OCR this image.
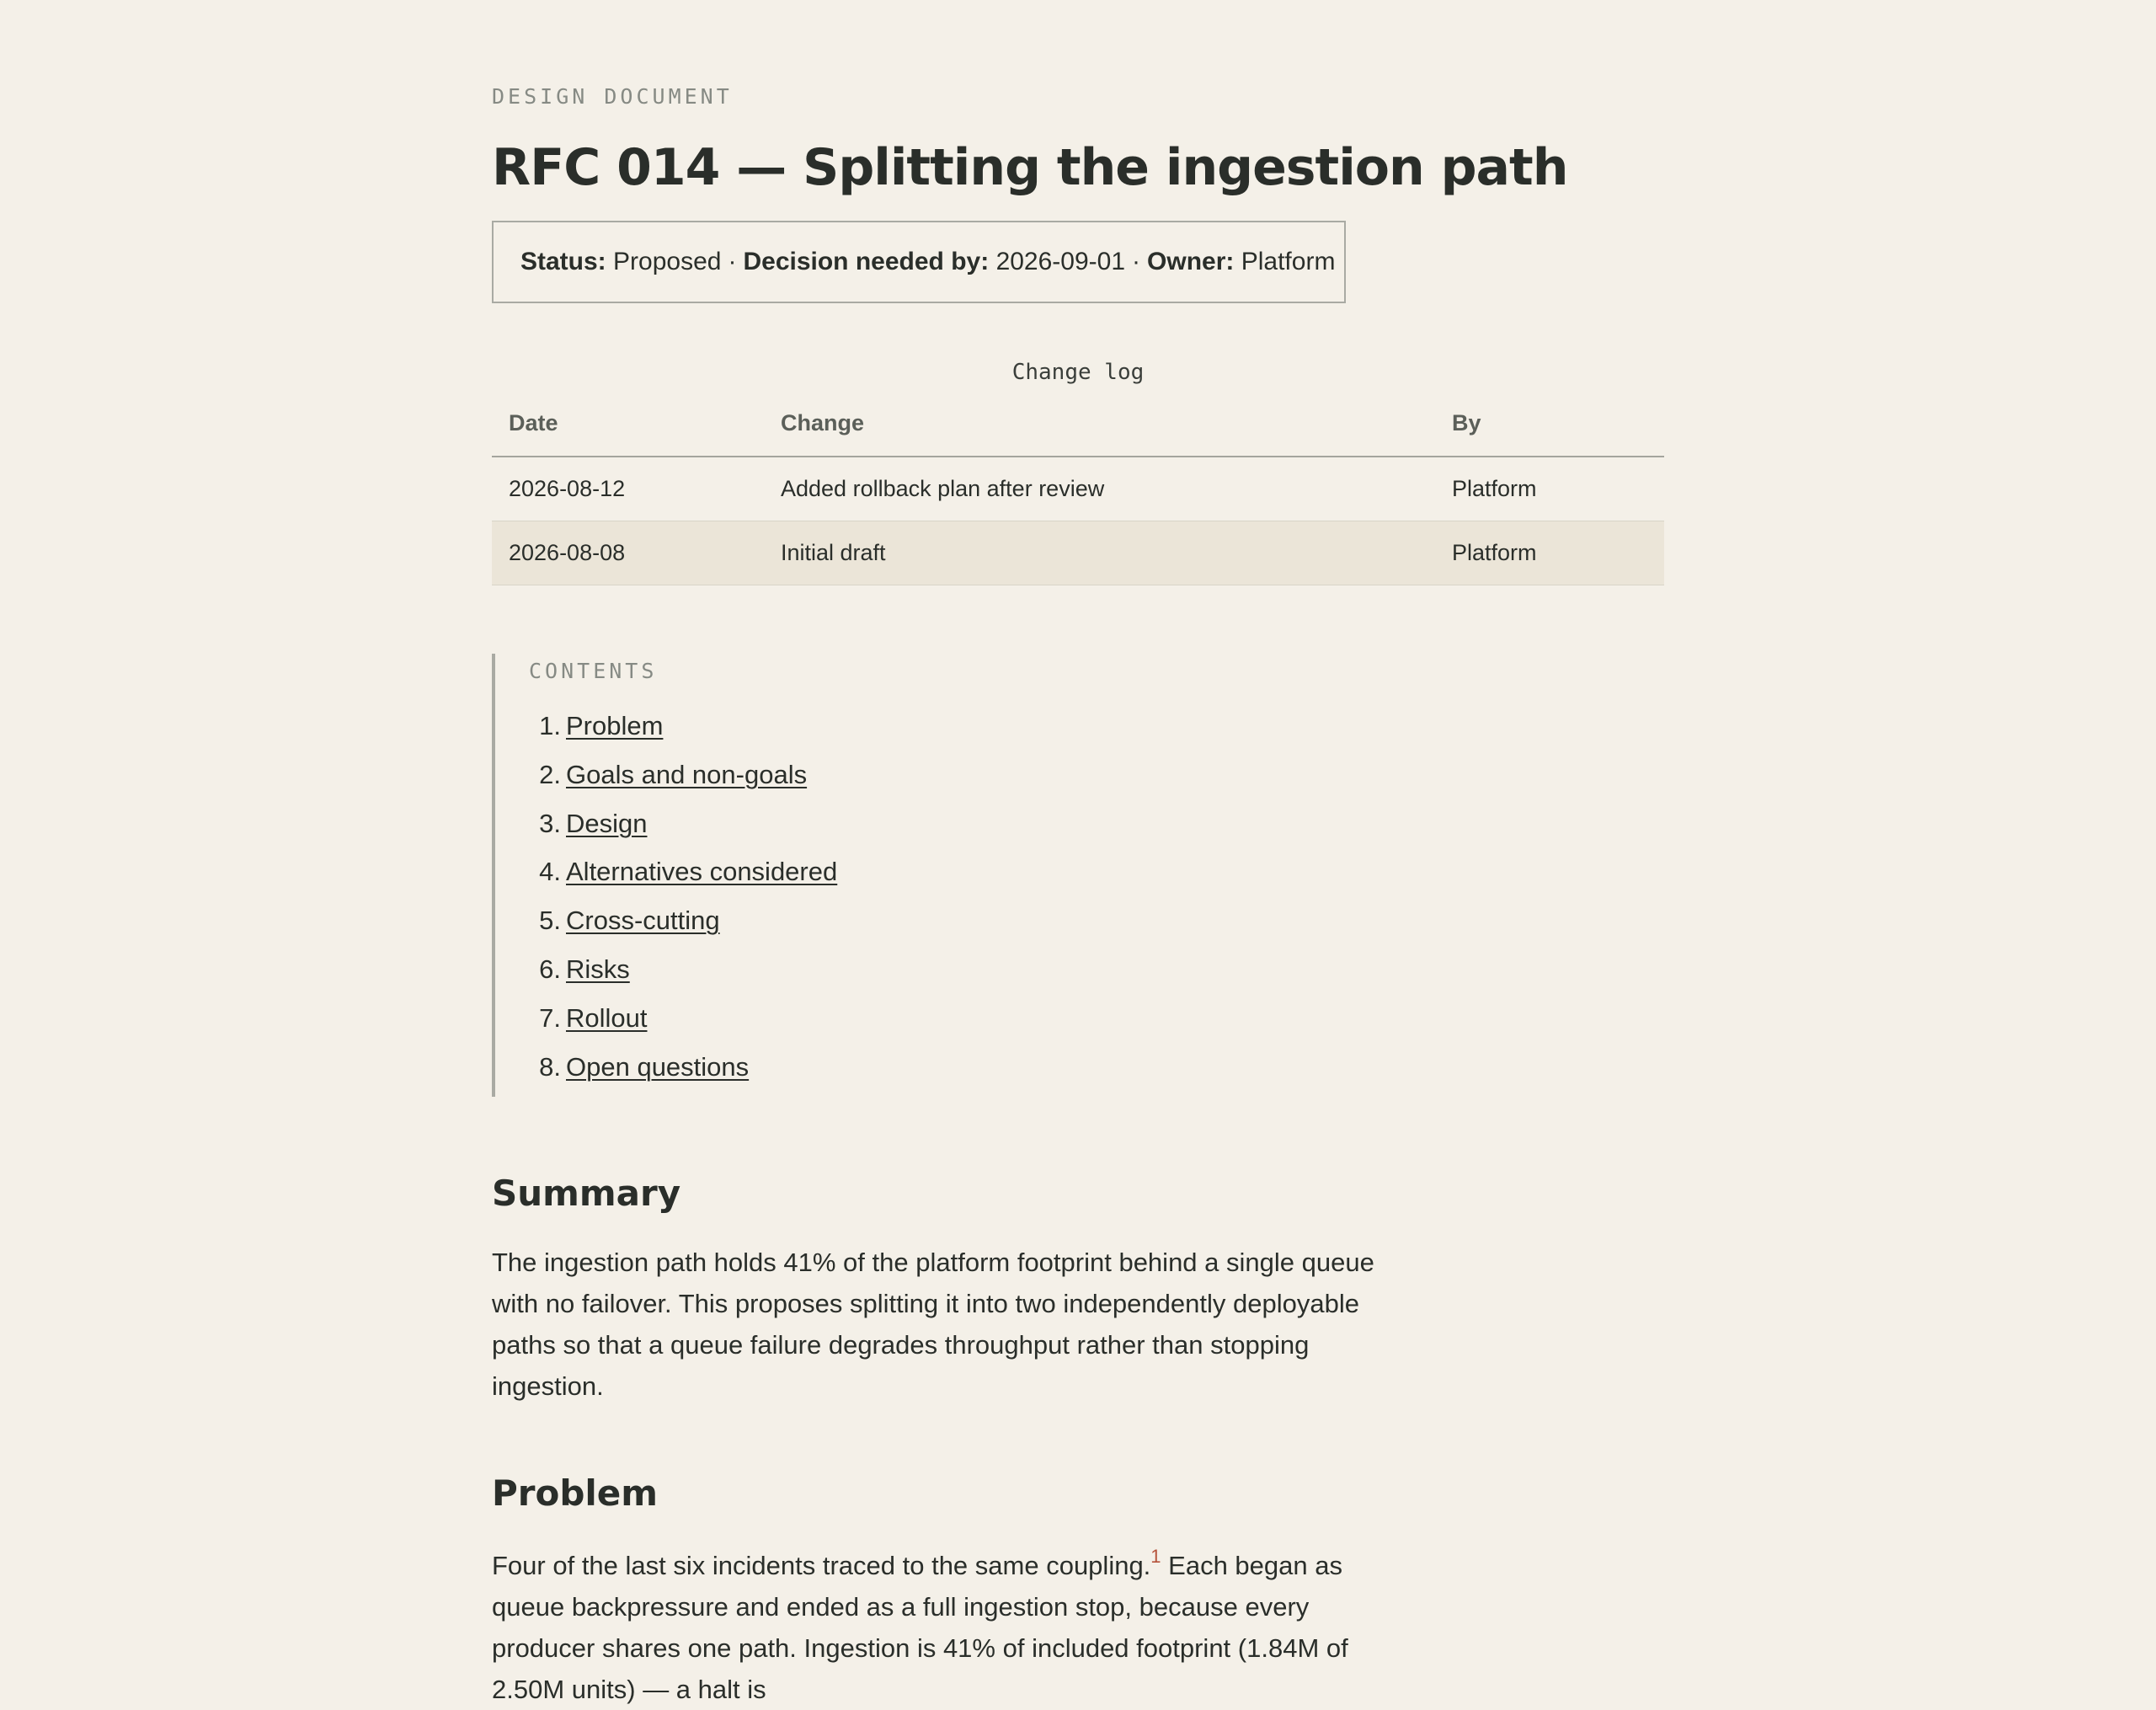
DESIGN DOCUMENT
RFC 014 — Splitting the ingestion path
Status:
Proposed · Decision needed by:
2026-09-01 · Owner:
Platform
Change log
Date	Change	By
2026-08-12	Added rollback plan after review	Platform
2026-08-08	Initial draft	Platform
CONTENTS
1. Problem
2. Goals and non-goals
3. Design
4. Alternatives considered
5. Cross-cutting
6. Risks
7. Rollout
8. Open questions
Summary

The ingestion path holds 41% of the platform footprint behind a single queue with no failover. This proposes splitting it into two independently deployable paths so that a queue failure degrades throughput rather than stopping ingestion.

Problem

Four of the last six incidents traced to the same coupling.$^1$ Each began as queue backpressure and ended as a full ingestion stop, because every producer shares one path. Ingestion is 41% of included footprint (1.84M of 2.50M units) — a halt is
